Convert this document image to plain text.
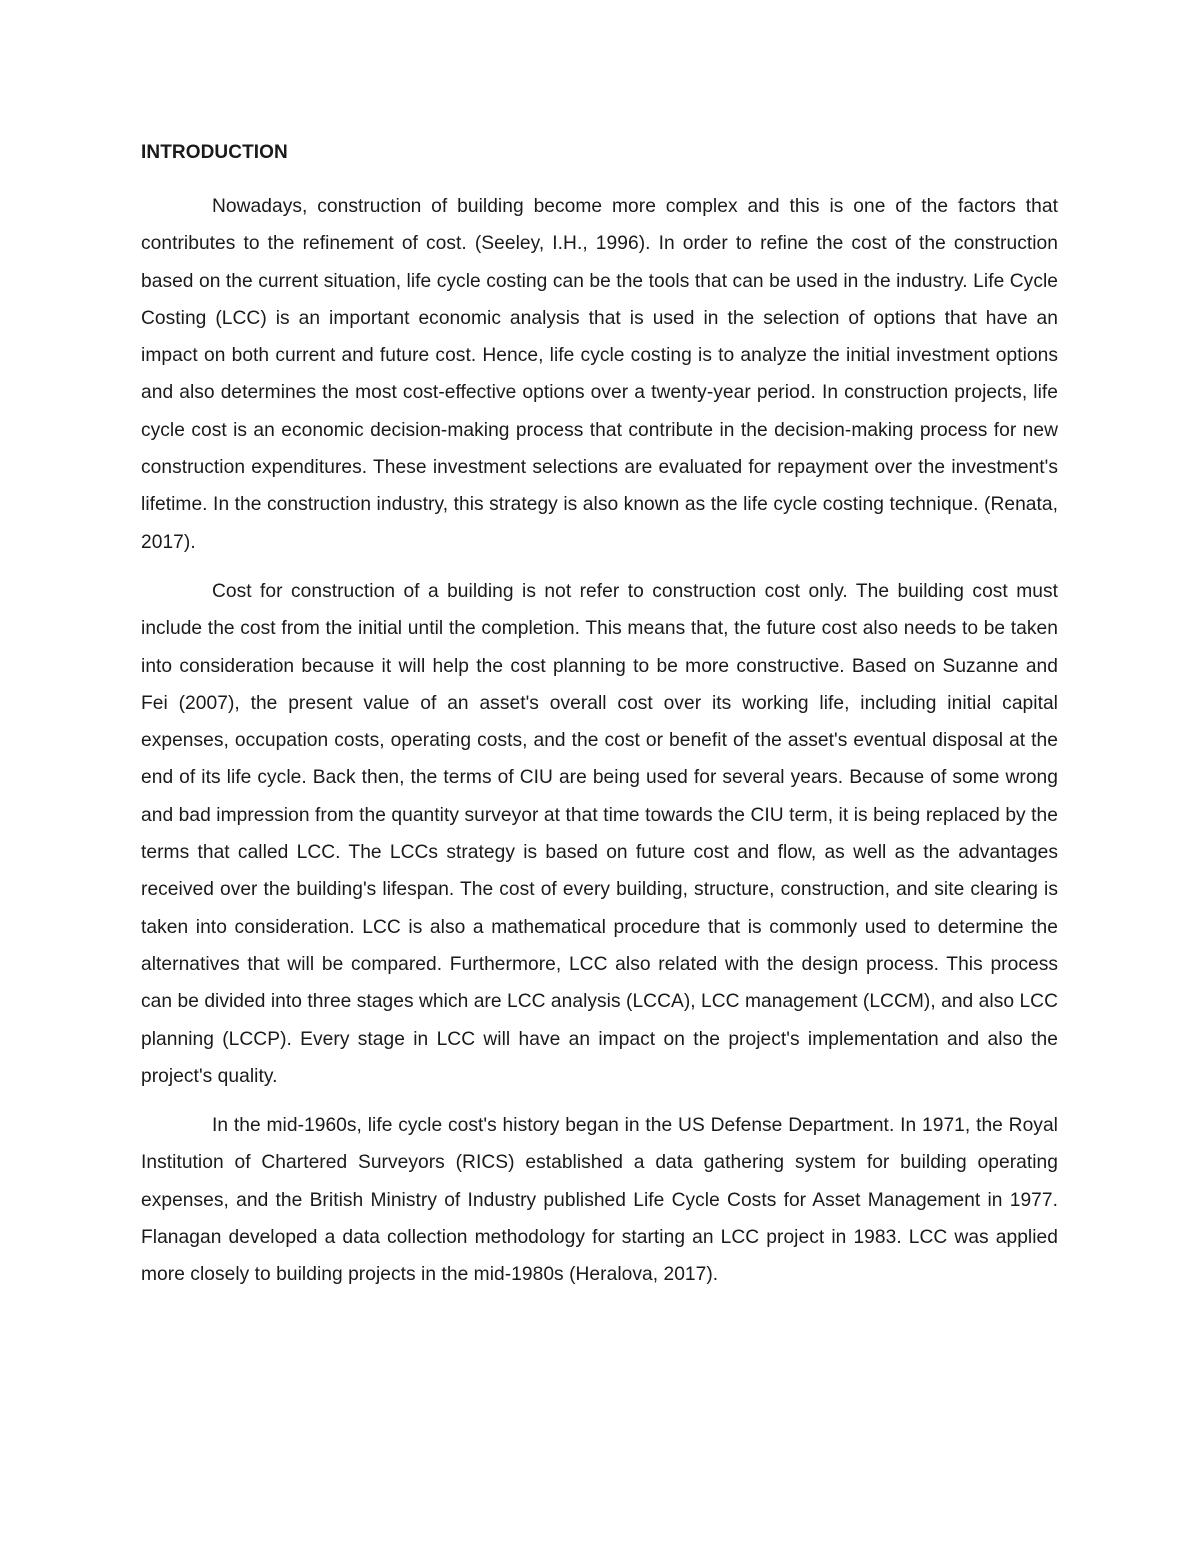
INTRODUCTION

Nowadays, construction of building become more complex and this is one of the factors that contributes to the refinement of cost. (Seeley, I.H., 1996). In order to refine the cost of the construction based on the current situation, life cycle costing can be the tools that can be used in the industry. Life Cycle Costing (LCC) is an important economic analysis that is used in the selection of options that have an impact on both current and future cost. Hence, life cycle costing is to analyze the initial investment options and also determines the most cost-effective options over a twenty-year period. In construction projects, life cycle cost is an economic decision-making process that contribute in the decision-making process for new construction expenditures. These investment selections are evaluated for repayment over the investment's lifetime. In the construction industry, this strategy is also known as the life cycle costing technique. (Renata, 2017).

Cost for construction of a building is not refer to construction cost only. The building cost must include the cost from the initial until the completion. This means that, the future cost also needs to be taken into consideration because it will help the cost planning to be more constructive. Based on Suzanne and Fei (2007), the present value of an asset's overall cost over its working life, including initial capital expenses, occupation costs, operating costs, and the cost or benefit of the asset's eventual disposal at the end of its life cycle. Back then, the terms of CIU are being used for several years. Because of some wrong and bad impression from the quantity surveyor at that time towards the CIU term, it is being replaced by the terms that called LCC. The LCCs strategy is based on future cost and flow, as well as the advantages received over the building's lifespan. The cost of every building, structure, construction, and site clearing is taken into consideration. LCC is also a mathematical procedure that is commonly used to determine the alternatives that will be compared. Furthermore, LCC also related with the design process. This process can be divided into three stages which are LCC analysis (LCCA), LCC management (LCCM), and also LCC planning (LCCP). Every stage in LCC will have an impact on the project's implementation and also the project's quality.

In the mid-1960s, life cycle cost's history began in the US Defense Department. In 1971, the Royal Institution of Chartered Surveyors (RICS) established a data gathering system for building operating expenses, and the British Ministry of Industry published Life Cycle Costs for Asset Management in 1977. Flanagan developed a data collection methodology for starting an LCC project in 1983. LCC was applied more closely to building projects in the mid-1980s (Heralova, 2017).
